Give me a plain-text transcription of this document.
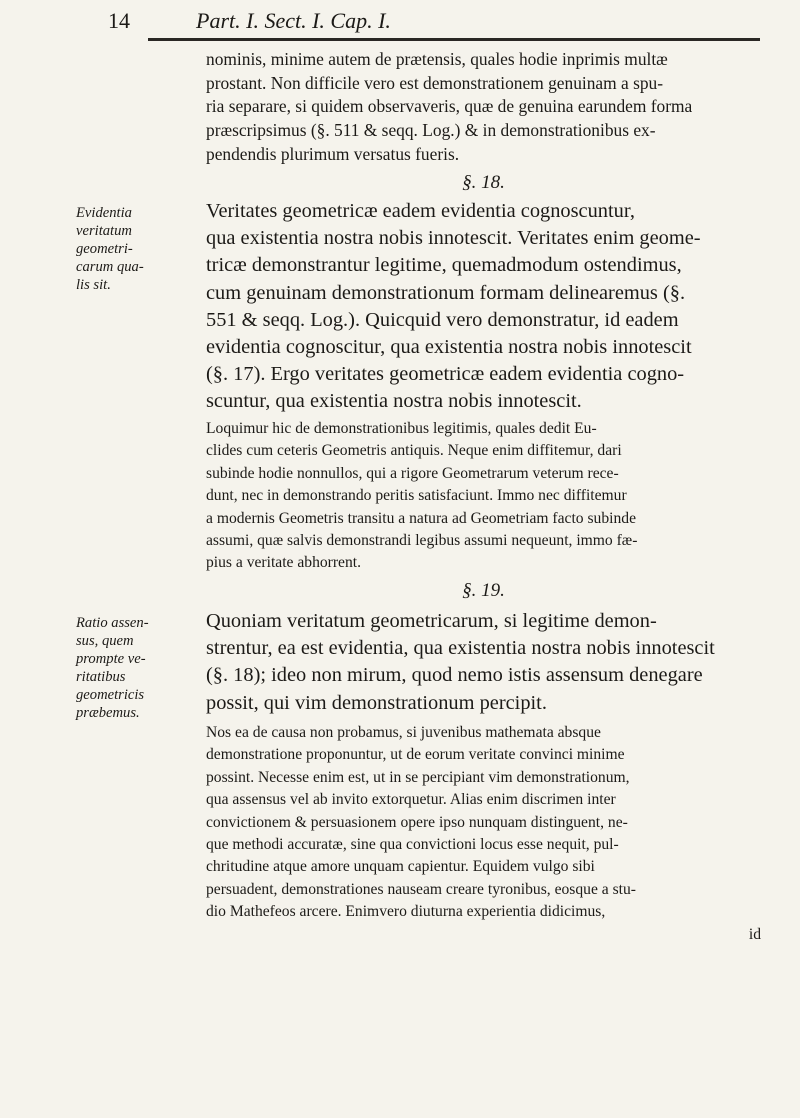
14	Part. I. Sect. I. Cap. I.
nominis, minime autem de prætensis, quales hodie inprimis multæ
prostant. Non difficile vero est demonstrationem genuinam a spu-
ria separare, si quidem observaveris, quæ de genuina earundem forma
præscripsimus (§. 511 & seqq. Log.) & in demonstrationibus ex-
pendendis plurimum versatus fueris.
§. 18.
Veritates geometricæ eadem evidentia cognoscuntur,
qua existentia nostra nobis innotescit. Veritates enim geome-
tricæ demonstrantur legitime, quemadmodum ostendimus,
cum genuinam demonstrationum formam delinearemus (§.
551 & seqq. Log.). Quicquid vero demonstratur, id eadem
evidentia cognoscitur, qua existentia nostra nobis innotescit
(§. 17). Ergo veritates geometricæ eadem evidentia cogno-
scuntur, qua existentia nostra nobis innotescit.
Loquimur hic de demonstrationibus legitimis, quales dedit Eu-
clides cum ceteris Geometris antiquis. Neque enim diffitemur, dari
subinde hodie nonnullos, qui a rigore Geometrarum veterum rece-
dunt, nec in demonstrando peritis satisfaciunt. Immo nec diffitemur
a modernis Geometris transitu a natura ad Geometriam facto subinde
assumi, quæ salvis demonstrandi legibus assumi nequeunt, immo fæ-
pius a veritate abhorrent.
§. 19.
Quoniam veritatum geometricarum, si legitime demon-
strentur, ea est evidentia, qua existentia nostra nobis innotescit
(§. 18); ideo non mirum, quod nemo istis assensum denegare
possit, qui vim demonstrationum percipit.
Nos ea de causa non probamus, si juvenibus mathemata absque
demonstratione proponuntur, ut de eorum veritate convinci minime
possint. Necesse enim est, ut in se percipiant vim demonstrationum,
qua assensus vel ab invito extorquetur. Alias enim discrimen inter
convictionem & persuasionem opere ipso nunquam distinguent, ne-
que methodi accuratæ, sine qua convictioni locus esse nequit, pul-
chritudine atque amore unquam capientur. Equidem vulgo sibi
persuadent, demonstrationes nauseam creare tyronibus, eosque a stu-
dio Mathefeos arcere. Enimvero diuturna experientia didicimus,
id
Evidentia
veritatum
geometri-
carum qua-
lis sit.
Ratio assen-
sus, quem
prompte ve-
ritatibus
geometricis
præbemus.
